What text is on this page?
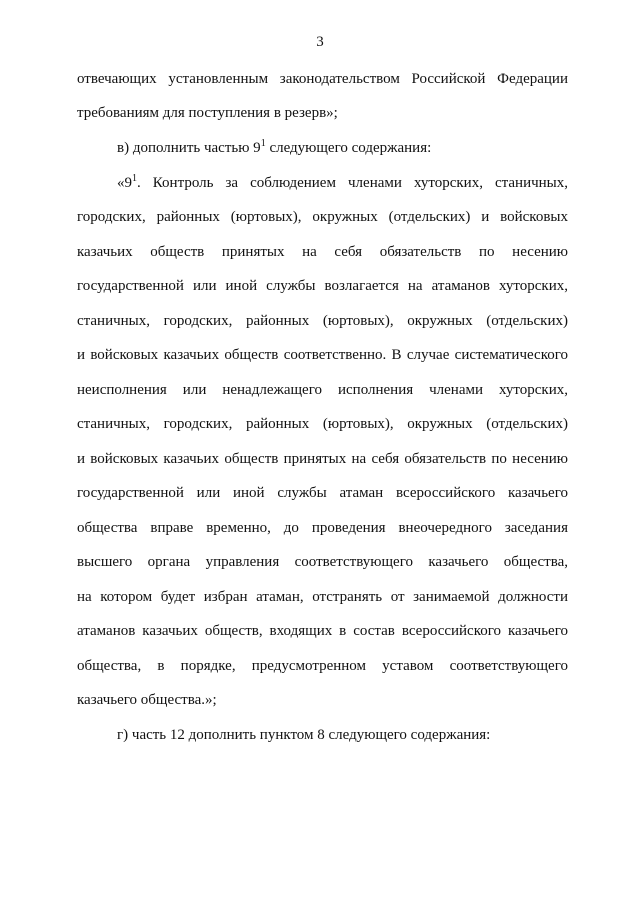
3
отвечающих установленным законодательством Российской Федерации
требованиям для поступления в резерв»;
в) дополнить частью $9^1$ следующего содержания:
«$9^1$. Контроль за соблюдением членами хуторских, станичных,
городских, районных (юртовых), окружных (отдельских) и войсковых
казачьих обществ принятых на себя обязательств по несению
государственной или иной службы возлагается на атаманов хуторских,
станичных, городских, районных (юртовых), окружных (отдельских)
и войсковых казачьих обществ соответственно. В случае систематического
неисполнения или ненадлежащего исполнения членами хуторских,
станичных, городских, районных (юртовых), окружных (отдельских)
и войсковых казачьих обществ принятых на себя обязательств по несению
государственной или иной службы атаман всероссийского казачьего
общества вправе временно, до проведения внеочередного заседания
высшего органа управления соответствующего казачьего общества,
на котором будет избран атаман, отстранять от занимаемой должности
атаманов казачьих обществ, входящих в состав всероссийского казачьего
общества, в порядке, предусмотренном уставом соответствующего
казачьего общества.»;
г) часть 12 дополнить пунктом 8 следующего содержания:
